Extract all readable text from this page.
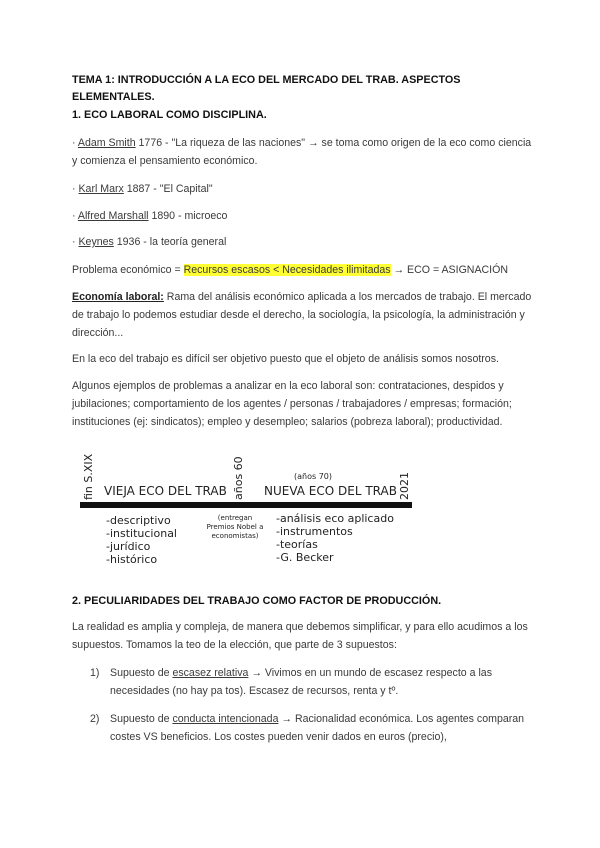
TEMA 1: INTRODUCCIÓN A LA ECO DEL MERCADO DEL TRAB. ASPECTOS ELEMENTALES.
1. ECO LABORAL COMO DISCIPLINA.
· Adam Smith 1776 - "La riqueza de las naciones" → se toma como origen de la eco como ciencia y comienza el pensamiento económico.
· Karl Marx 1887 - "El Capital"
· Alfred Marshall 1890 - microeco
· Keynes 1936 - la teoría general
Problema económico = Recursos escasos < Necesidades ilimitadas → ECO = ASIGNACIÓN
Economía laboral: Rama del análisis económico aplicada a los mercados de trabajo. El mercado de trabajo lo podemos estudiar desde el derecho, la sociología, la psicología, la administración y dirección...
En la eco del trabajo es difícil ser objetivo puesto que el objeto de análisis somos nosotros.
Algunos ejemplos de problemas a analizar en la eco laboral son: contrataciones, despidos y jubilaciones; comportamiento de los agentes / personas / trabajadores / empresas; formación; instituciones (ej: sindicatos); empleo y desempleo; salarios (pobreza laboral); productividad.
fin S.XIX VIEJA ECO DEL TRAB años 60	(años 70)
NUEVA ECO DEL TRAB 2021
-descriptivo
-institucional
-jurídico
-histórico
(entregan
Premios Nobel a
economistas)
-análisis eco aplicado
-instrumentos
-teorías
-G. Becker
2. PECULIARIDADES DEL TRABAJO COMO FACTOR DE PRODUCCIÓN.
La realidad es amplia y compleja, de manera que debemos simplificar, y para ello acudimos a los supuestos. Tomamos la teo de la elección, que parte de 3 supuestos:
1) Supuesto de escasez relativa → Vivimos en un mundo de escasez respecto a las necesidades (no hay pa tos). Escasez de recursos, renta y tº.
2) Supuesto de conducta intencionada → Racionalidad económica. Los agentes comparan costes VS beneficios. Los costes pueden venir dados en euros (precio),
